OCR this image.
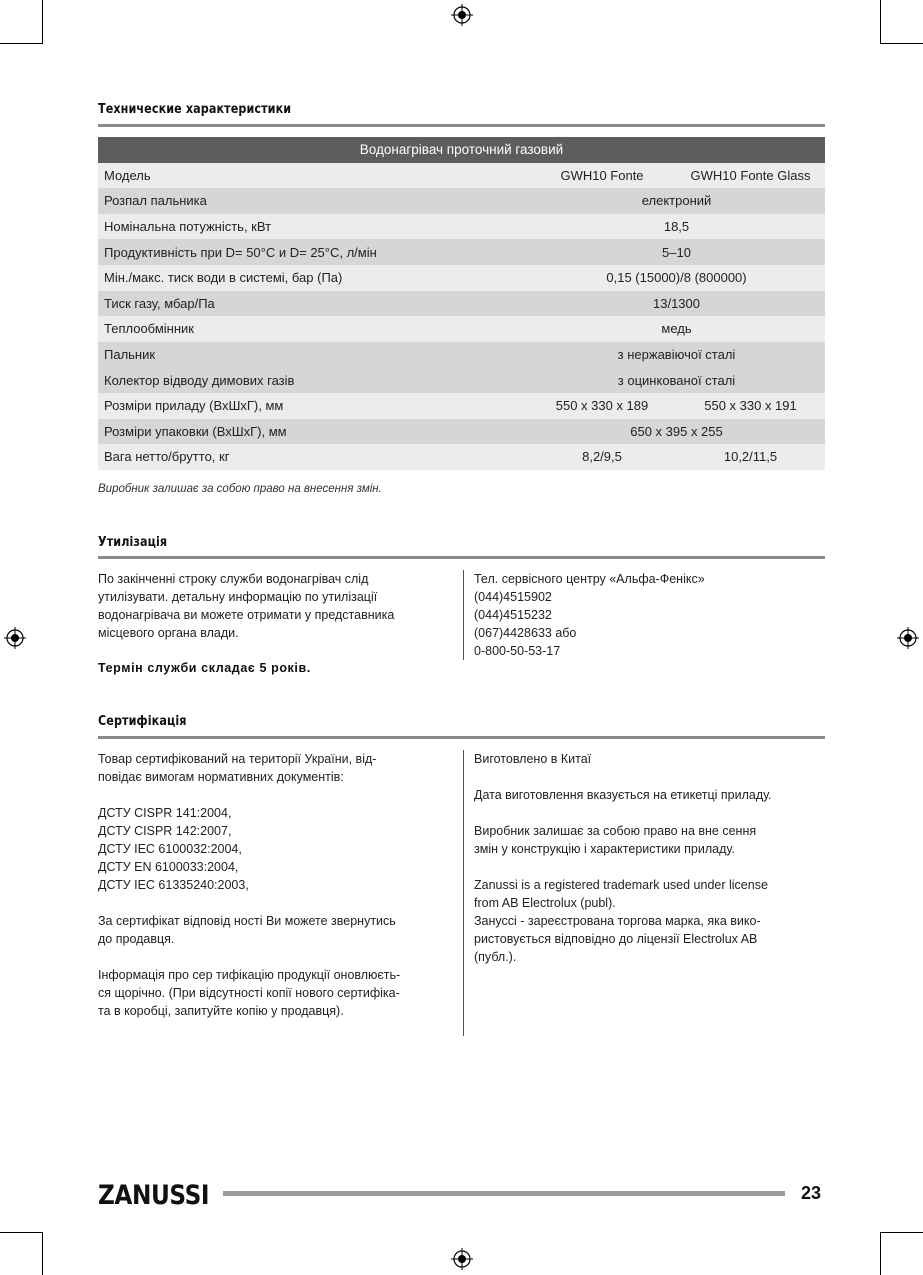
Технические характеристики
Водонагрівач проточний газовий		
Модель	GWH10 Fonte	GWH10 Fonte Glass
Розпал пальника	електроний	
Номінальна потужність, кВт	18,5	
Продуктивність при D= 50°С и D= 25°С, л/мін	5–10	
Мін./макс. тиск води в системі, бар (Па)	0,15 (15000)/8 (800000)	
Тиск газу, мбар/Па	13/1300	
Теплообмінник	медь	
Пальник	з нержавіючої сталі	
Колектор відводу димових газів	з оцинкованої сталі	
Розміри приладу (ВхШхГ), мм	550 x 330 x 189	550 x 330 x 191
Розміри упаковки (ВхШхГ), мм	650 x 395 x 255	
Вага нетто/брутто, кг	8,2/9,5	10,2/11,5
Виробник залишає за собою право на внесення змін.
Утилізація

По закінченні строку служби водонагрівач слід

утилізувати. детальну информацію по утилізації

водонагрівача ви можете отримати у представника

місцевого органа влади.

Термін служби складає 5 років.

Тел. сервісного центру «Альфа-Фенікс»

(044)4515902

(044)4515232

(067)4428633 або

0-800-50-53-17

Сертифікація

Товар сертифікований на території України, від-

повідає вимогам нормативних документів:

ДСТУ CISPR 141:2004,

ДСТУ CISPR 142:2007,

ДСТУ IEC 6100032:2004,

ДСТУ EN 6100033:2004,

ДСТУ IEC 61335240:2003,

За сертифікат відповід ності Ви можете звернутись

до продавця.

Інформація про сер тифікацію продукції оновлюєть-

ся щорічно. (При відсутності копії нового сертифіка-

та в коробці, запитуйте копію у продавця).

Виготовлено в Китаї

Дата виготовлення вказується на етикетці приладу.

Виробник залишає за собою право на вне сення

змін у конструкцію і характеристики приладу.

Zanussi is a registered trademark used under license

from AB Electrolux (publ).

Зануссі - зареєстрована торгова марка, яка вико-

ристовується відповідно до ліцензії Electrolux AB

(публ.).

ZANUSSI	23
